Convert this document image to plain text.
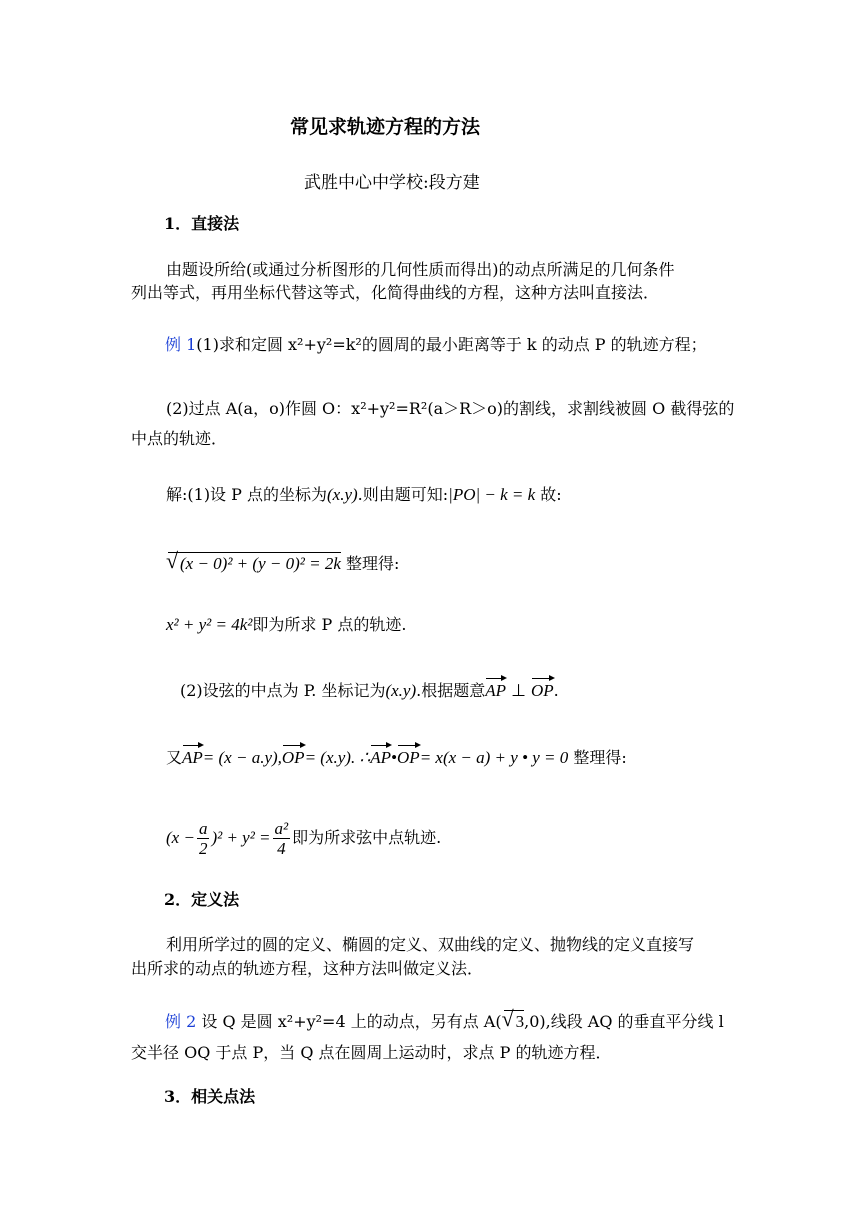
常见求轨迹方程的方法
武胜中心中学校:段方建
1．直接法
由题设所给(或通过分析图形的几何性质而得出)的动点所满足的几何条件
列出等式，再用坐标代替这等式，化简得曲线的方程，这种方法叫直接法．
例 1(1)求和定圆 x²+y²=k²的圆周的最小距离等于 k 的动点 P 的轨迹方程；
(2)过点 A(a，o)作圆 O：x²+y²=R²(a＞R＞o)的割线，求割线被圆 O 截得弦的
中点的轨迹．
解:(1)设 P 点的坐标为(x.y).则由题可知:|PO| − k = k 故:
√ (x − 0)² + (y − 0)² = 2k 整理得:
x² + y² = 4k²即为所求 P 点的轨迹.
(2)设弦的中点为 P. 坐标记为(x.y).根据题意AP ⊥ OP.
又AP= (x − a.y),OP= (x.y). ∴AP•OP= x(x − a) + y • y = 0 整理得:
$(x - \frac{a}{2} )^2 + y^2 = \frac{\text{a²}}{4}$ 即为所求弦中点轨迹.
2．定义法
利用所学过的圆的定义、椭圆的定义、双曲线的定义、抛物线的定义直接写
出所求的动点的轨迹方程，这种方法叫做定义法．
例 2 设 Q 是圆 x²+y²=4 上的动点，另有点 A(√ 3,0),线段 AQ 的垂直平分线 l
交半径 OQ 于点 P，当 Q 点在圆周上运动时，求点 P 的轨迹方程．
3．相关点法
